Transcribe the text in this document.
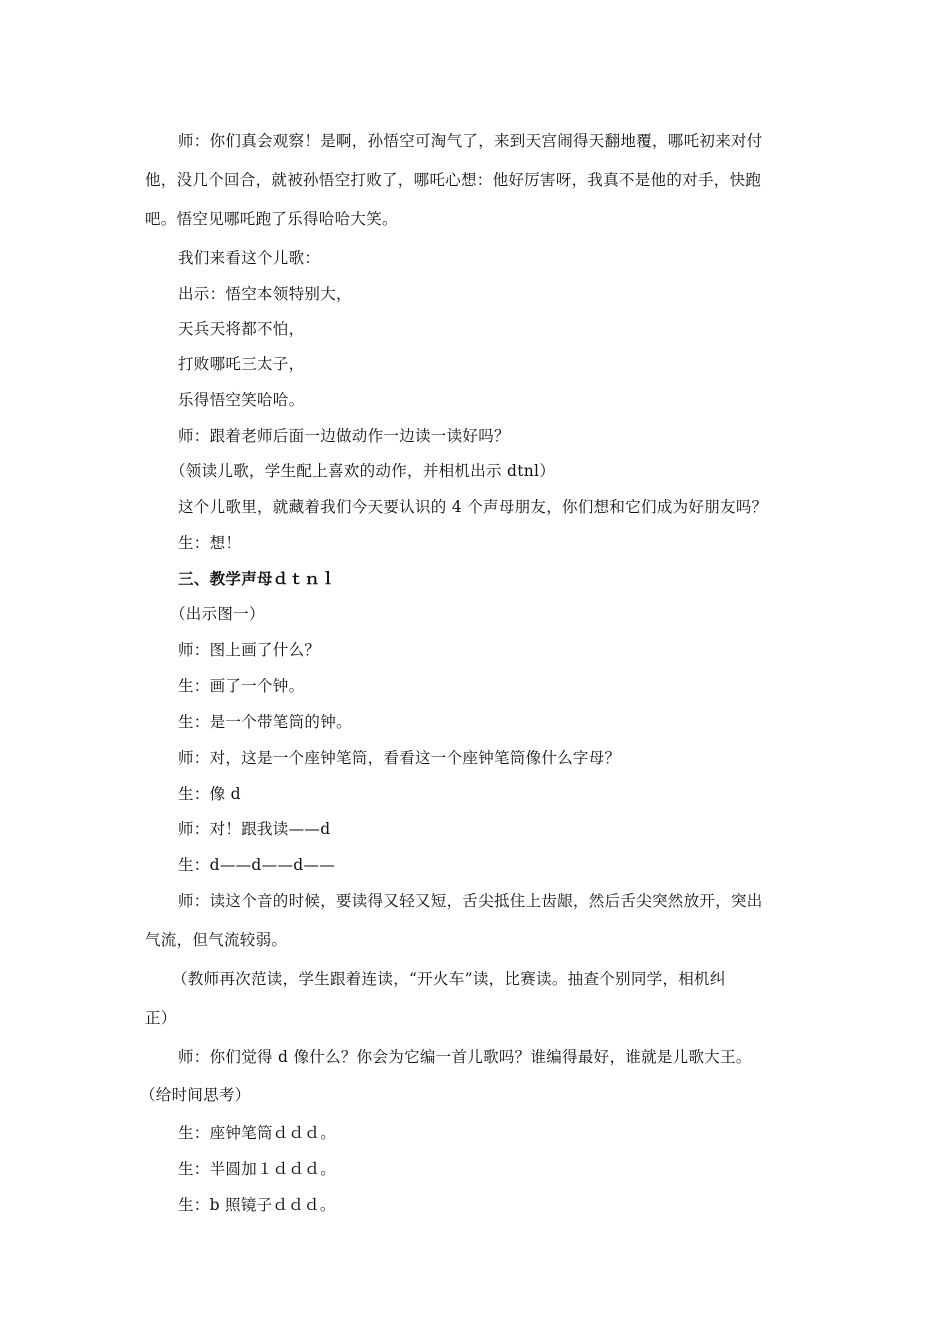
师：你们真会观察！是啊，孙悟空可淘气了，来到天宫闹得天翻地覆，哪吒初来对付
他，没几个回合，就被孙悟空打败了，哪吒心想：他好厉害呀，我真不是他的对手，快跑
吧。悟空见哪吒跑了乐得哈哈大笑。
我们来看这个儿歌：
出示：悟空本领特别大，
天兵天将都不怕，
打败哪吒三太子，
乐得悟空笑哈哈。
师：跟着老师后面一边做动作一边读一读好吗？
（领读儿歌，学生配上喜欢的动作，并相机出示 dtnl）
这个儿歌里，就藏着我们今天要认识的 4 个声母朋友，你们想和它们成为好朋友吗？
生：想！
三、教学声母ｄｔｎｌ
（出示图一）
师：图上画了什么？
生：画了一个钟。
生：是一个带笔筒的钟。
师：对，这是一个座钟笔筒，看看这一个座钟笔筒像什么字母？
生：像 d
师：对！跟我读——d
生：d——d——d——
师：读这个音的时候，要读得又轻又短，舌尖抵住上齿龈，然后舌尖突然放开，突出
气流，但气流较弱。
（教师再次范读，学生跟着连读，“开火车”读，比赛读。抽查个别同学，相机纠
正）
师：你们觉得 d 像什么？你会为它编一首儿歌吗？谁编得最好，谁就是儿歌大王。
（给时间思考）
生：座钟笔筒ｄｄｄ。
生：半圆加１ｄｄｄ。
生：b 照镜子ｄｄｄ。
